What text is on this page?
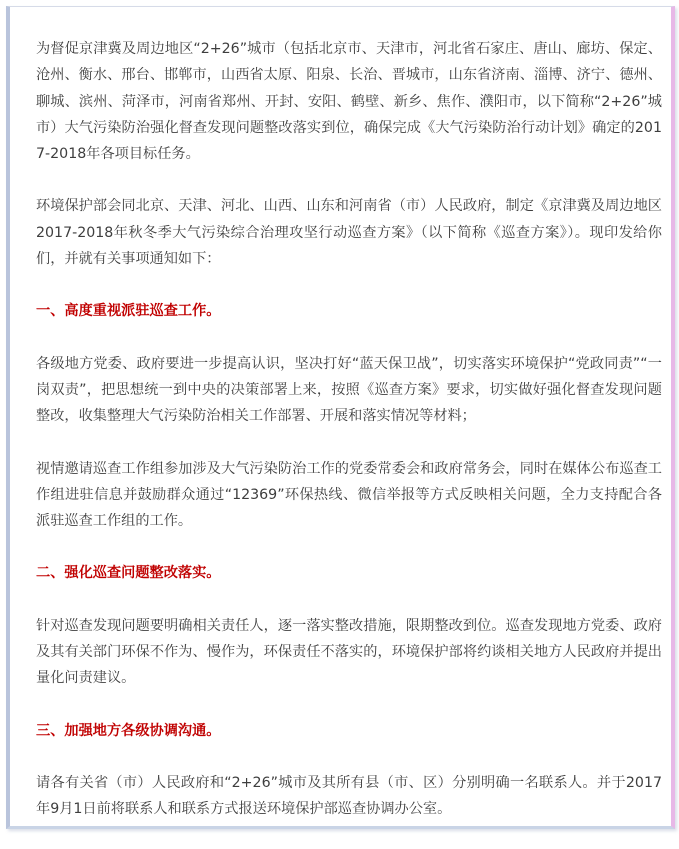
为督促京津冀及周边地区“2+26”城市（包括北京市、天津市，河北省石家庄、唐山、廊坊、保定、沧州、衡水、邢台、邯郸市，山西省太原、阳泉、长治、晋城市，山东省济南、淄博、济宁、德州、聊城、滨州、菏泽市，河南省郑州、开封、安阳、鹤壁、新乡、焦作、濮阳市，以下简称“2+26”城市）大气污染防治强化督查发现问题整改落实到位，确保完成《大气污染防治行动计划》确定的2017-2018年各项目标任务。

环境保护部会同北京、天津、河北、山西、山东和河南省（市）人民政府，制定《京津冀及周边地区2017-2018年秋冬季大气污染综合治理攻坚行动巡查方案》（以下简称《巡查方案》）。现印发给你们，并就有关事项通知如下：

一、高度重视派驻巡查工作。

各级地方党委、政府要进一步提高认识，坚决打好“蓝天保卫战”，切实落实环境保护“党政同责”“一岗双责”，把思想统一到中央的决策部署上来，按照《巡查方案》要求，切实做好强化督查发现问题整改，收集整理大气污染防治相关工作部署、开展和落实情况等材料；

视情邀请巡查工作组参加涉及大气污染防治工作的党委常委会和政府常务会，同时在媒体公布巡查工作组进驻信息并鼓励群众通过“12369”环保热线、微信举报等方式反映相关问题，全力支持配合各派驻巡查工作组的工作。

二、强化巡查问题整改落实。

针对巡查发现问题要明确相关责任人，逐一落实整改措施，限期整改到位。巡查发现地方党委、政府及其有关部门环保不作为、慢作为，环保责任不落实的，环境保护部将约谈相关地方人民政府并提出量化问责建议。

三、加强地方各级协调沟通。

请各有关省（市）人民政府和“2+26”城市及其所有县（市、区）分别明确一名联系人。并于2017年9月1日前将联系人和联系方式报送环境保护部巡查协调办公室。
